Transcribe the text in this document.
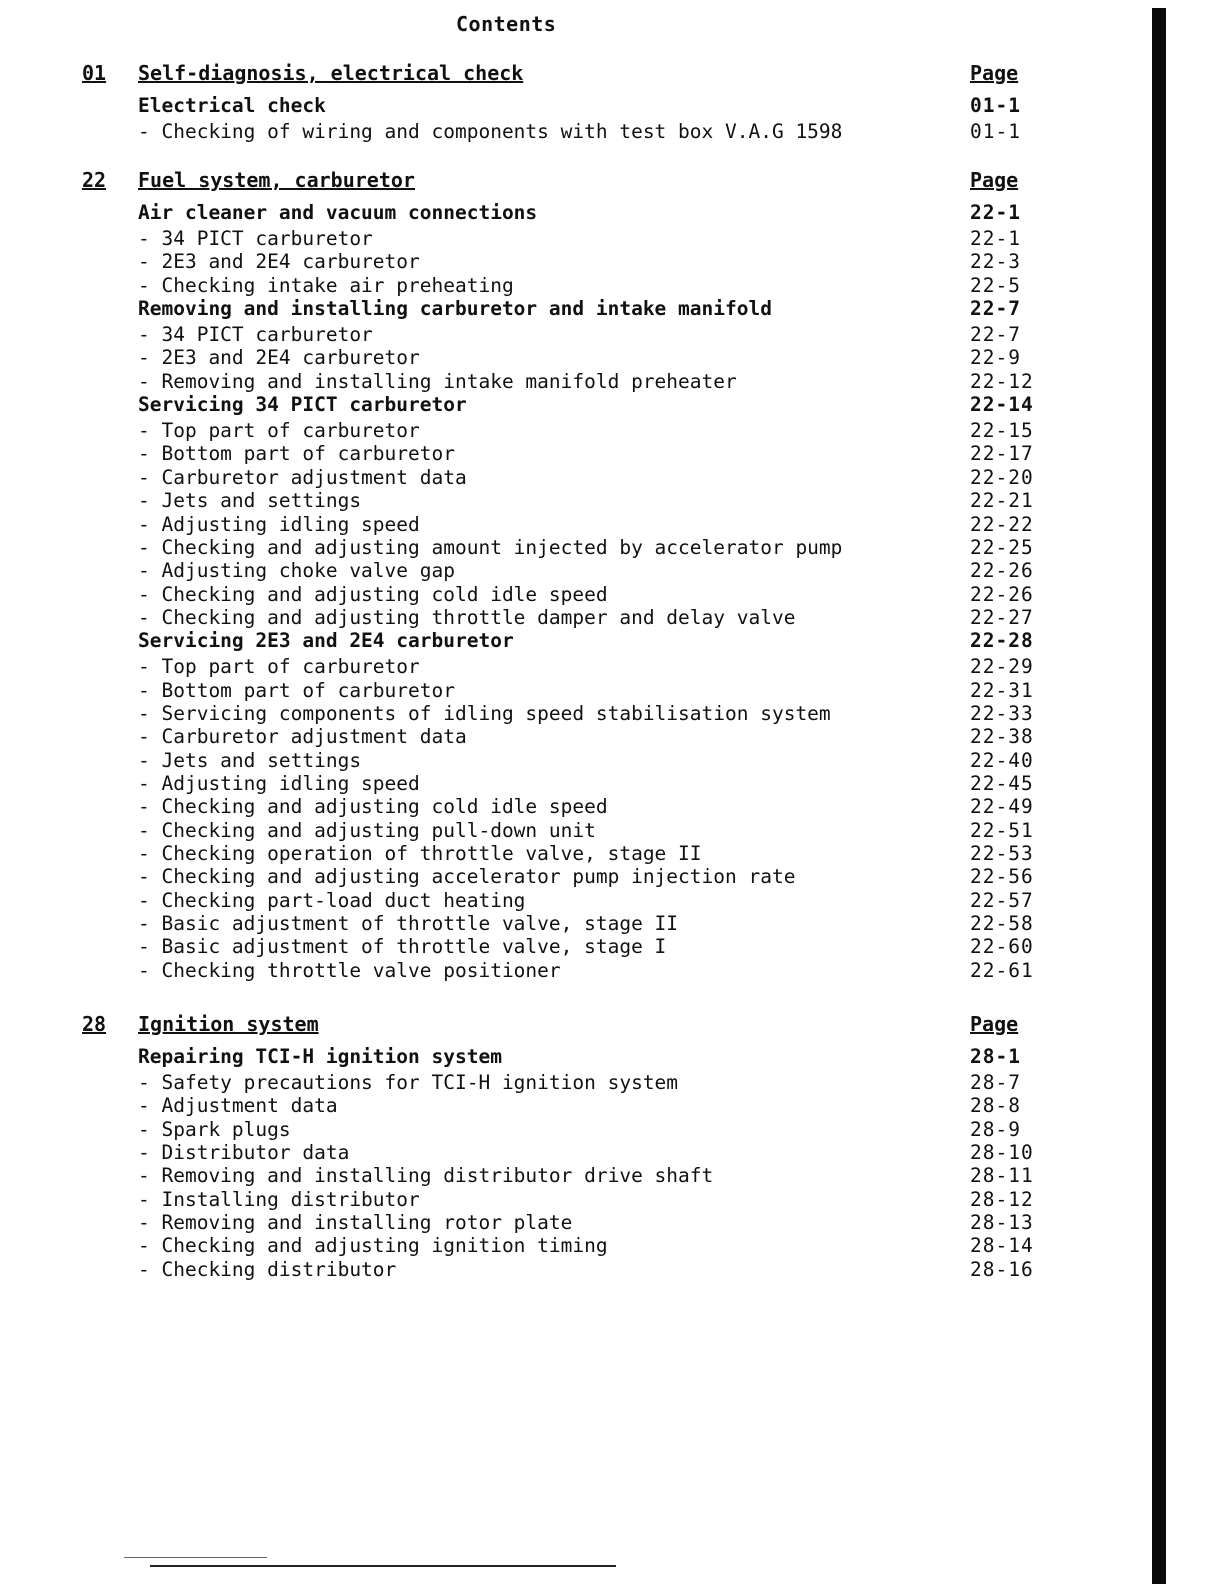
Contents
01 Self-diagnosis, electrical check	Page
Electrical check	01-1
- Checking of wiring and components with test box V.A.G 1598	01-1
22 Fuel system, carburetor	Page
Air cleaner and vacuum connections	22-1
- 34 PICT carburetor	22-1
- 2E3 and 2E4 carburetor	22-3
- Checking intake air preheating	22-5
Removing and installing carburetor and intake manifold	22-7
- 34 PICT carburetor	22-7
- 2E3 and 2E4 carburetor	22-9
- Removing and installing intake manifold preheater	22-12
Servicing 34 PICT carburetor	22-14
- Top part of carburetor	22-15
- Bottom part of carburetor	22-17
- Carburetor adjustment data	22-20
- Jets and settings	22-21
- Adjusting idling speed	22-22
- Checking and adjusting amount injected by accelerator pump	22-25
- Adjusting choke valve gap	22-26
- Checking and adjusting cold idle speed	22-26
- Checking and adjusting throttle damper and delay valve	22-27
Servicing 2E3 and 2E4 carburetor	22-28
- Top part of carburetor	22-29
- Bottom part of carburetor	22-31
- Servicing components of idling speed stabilisation system	22-33
- Carburetor adjustment data	22-38
- Jets and settings	22-40
- Adjusting idling speed	22-45
- Checking and adjusting cold idle speed	22-49
- Checking and adjusting pull-down unit	22-51
- Checking operation of throttle valve, stage II	22-53
- Checking and adjusting accelerator pump injection rate	22-56
- Checking part-load duct heating	22-57
- Basic adjustment of throttle valve, stage II	22-58
- Basic adjustment of throttle valve, stage I	22-60
- Checking throttle valve positioner	22-61
28 Ignition system	Page
Repairing TCI-H ignition system	28-1
- Safety precautions for TCI-H ignition system	28-7
- Adjustment data	28-8
- Spark plugs	28-9
- Distributor data	28-10
- Removing and installing distributor drive shaft	28-11
- Installing distributor	28-12
- Removing and installing rotor plate	28-13
- Checking and adjusting ignition timing	28-14
- Checking distributor	28-16
